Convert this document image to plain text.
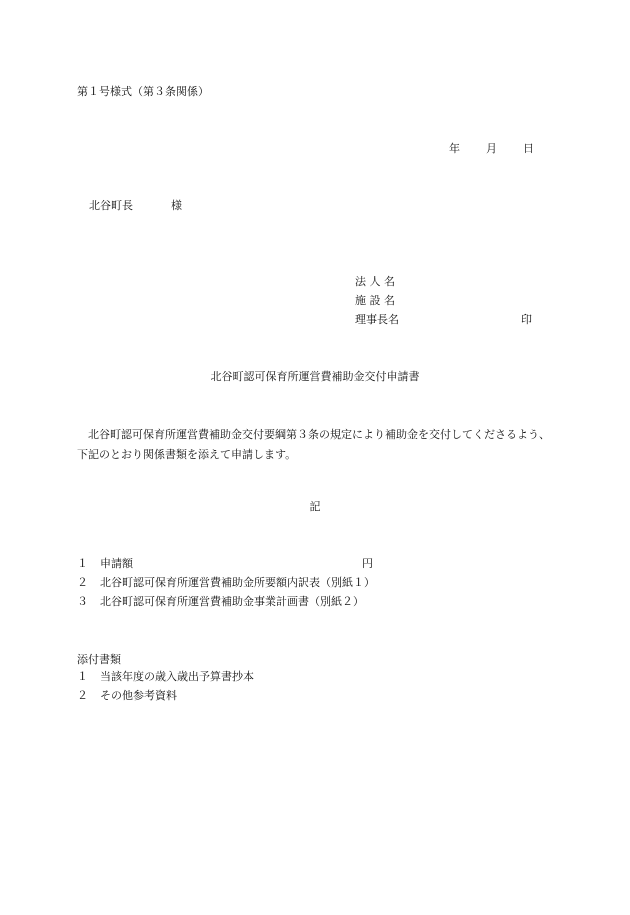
第１号様式（第３条関係）
年 月 日
北谷町長	様
法 人 名
施 設 名
理事長名	印
北谷町認可保育所運営費補助金交付申請書
北谷町認可保育所運営費補助金交付要綱第３条の規定により補助金を交付してくださるよう、下記のとおり関係書類を添えて申請します。
記
１ 申請額	円
２ 北谷町認可保育所運営費補助金所要額内訳表（別紙１）
３ 北谷町認可保育所運営費補助金事業計画書（別紙２）
添付書類
１ 当該年度の歳入歳出予算書抄本
２ その他参考資料
